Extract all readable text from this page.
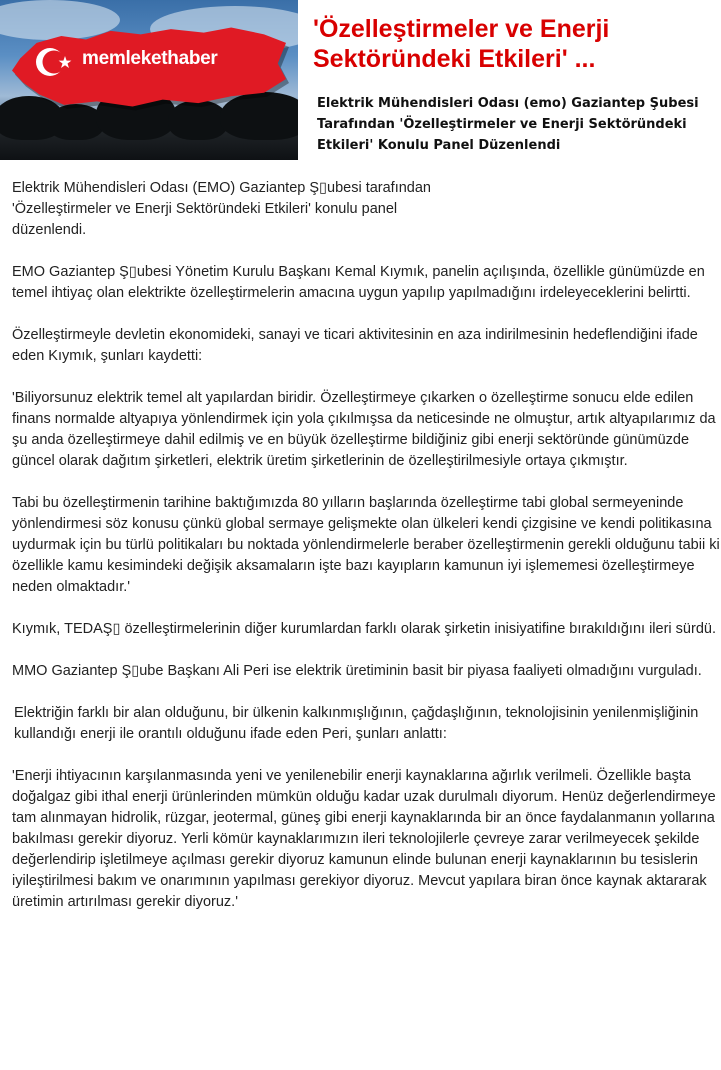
memlekethaber
'Özelleştirmeler ve Enerji Sektöründeki Etkileri' ...

Elektrik Mühendisleri Odası (emo) Gaziantep Şubesi Tarafından 'Özelleştirmeler ve Enerji Sektöründeki Etkileri' Konulu Panel Düzenlendi

Elektrik Mühendisleri Odası (EMO) Gaziantep Ş▯ubesi tarafından 'Özelleştirmeler ve Enerji Sektöründeki Etkileri' konulu panel düzenlendi.

EMO Gaziantep Ş▯ubesi Yönetim Kurulu Başkanı Kemal Kıymık, panelin açılışında, özellikle günümüzde en temel ihtiyaç olan elektrikte özelleştirmelerin amacına uygun yapılıp yapılmadığını irdeleyeceklerini belirtti.

Özelleştirmeyle devletin ekonomideki, sanayi ve ticari aktivitesinin en aza indirilmesinin hedeflendiğini ifade eden Kıymık, şunları kaydetti:

'Biliyorsunuz elektrik temel alt yapılardan biridir. Özelleştirmeye çıkarken o özelleştirme sonucu elde edilen finans normalde altyapıya yönlendirmek için yola çıkılmışsa da neticesinde ne olmuştur, artık altyapılarımız da şu anda özelleştirmeye dahil edilmiş ve en büyük özelleştirme bildiğiniz gibi enerji sektöründe günümüzde güncel olarak dağıtım şirketleri, elektrik üretim şirketlerinin de özelleştirilmesiyle ortaya çıkmıştır.

Tabi bu özelleştirmenin tarihine baktığımızda 80 yılların başlarında özelleştirme tabi global sermeyeninde yönlendirmesi söz konusu çünkü global sermaye gelişmekte olan ülkeleri kendi çizgisine ve kendi politikasına uydurmak için bu türlü politikaları bu noktada yönlendirmelerle beraber özelleştirmenin gerekli olduğunu tabii ki özellikle kamu kesimindeki değişik aksamaların işte bazı kayıpların kamunun iyi işlememesi özelleştirmeye neden olmaktadır.'

Kıymık, TEDAŞ▯ özelleştirmelerinin diğer kurumlardan farklı olarak şirketin inisiyatifine bırakıldığını ileri sürdü.

MMO Gaziantep Ş▯ube Başkanı Ali Peri ise elektrik üretiminin basit bir piyasa faaliyeti olmadığını vurguladı.

Elektriğin farklı bir alan olduğunu, bir ülkenin kalkınmışlığının, çağdaşlığının, teknolojisinin yenilenmişliğinin kullandığı enerji ile orantılı olduğunu ifade eden Peri, şunları anlattı:

'Enerji ihtiyacının karşılanmasında yeni ve yenilenebilir enerji kaynaklarına ağırlık verilmeli. Özellikle başta doğalgaz gibi ithal enerji ürünlerinden mümkün olduğu kadar uzak durulmalı diyorum. Henüz değerlendirmeye tam alınmayan hidrolik, rüzgar, jeotermal, güneş gibi enerji kaynaklarında bir an önce faydalanmanın yollarına bakılması gerekir diyoruz. Yerli kömür kaynaklarımızın ileri teknolojilerle çevreye zarar verilmeyecek şekilde değerlendirip işletilmeye açılması gerekir diyoruz kamunun elinde bulunan enerji kaynaklarının bu tesislerin iyileştirilmesi bakım ve onarımının yapılması gerekiyor diyoruz. Mevcut yapılara biran önce kaynak aktararak üretimin artırılması gerekir diyoruz.'
